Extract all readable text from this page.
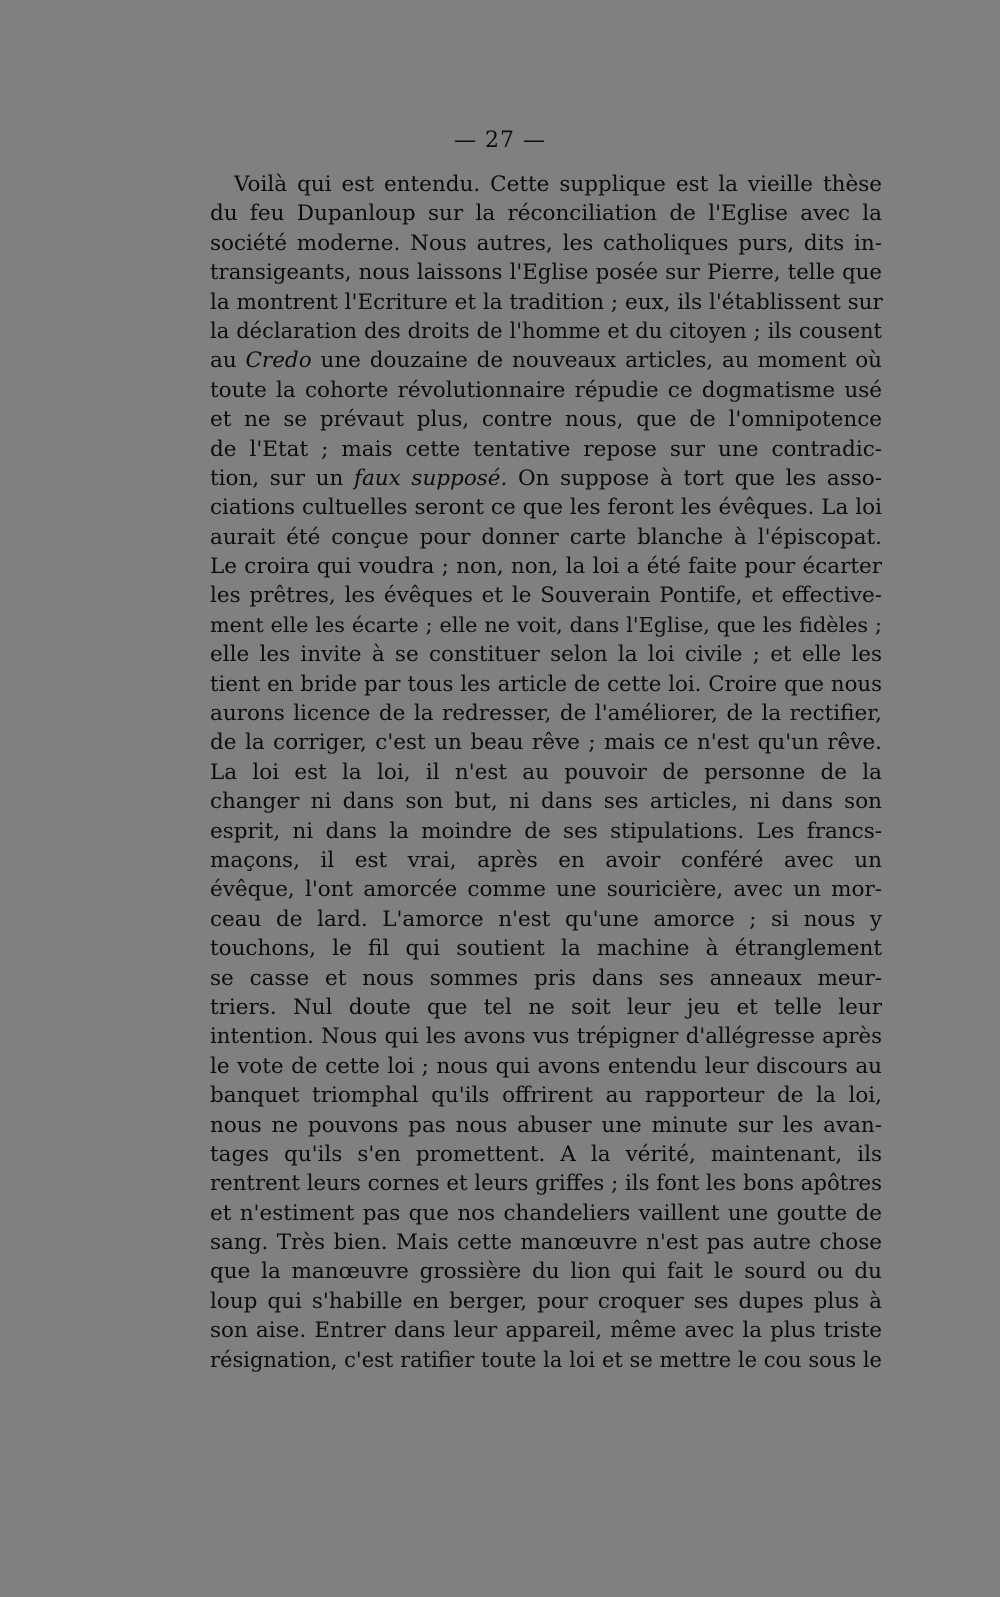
— 27 —
Voilà qui est entendu. Cette supplique est la vieille thèse
du feu Dupanloup sur la réconciliation de l'Eglise avec la
société moderne. Nous autres, les catholiques purs, dits in-
transigeants, nous laissons l'Eglise posée sur Pierre, telle que
la montrent l'Ecriture et la tradition ; eux, ils l'établissent sur
la déclaration des droits de l'homme et du citoyen ; ils cousent
au Credo une douzaine de nouveaux articles, au moment où
toute la cohorte révolutionnaire répudie ce dogmatisme usé
et ne se prévaut plus, contre nous, que de l'omnipotence
de l'Etat ; mais cette tentative repose sur une contradic-
tion, sur un faux supposé. On suppose à tort que les asso-
ciations cultuelles seront ce que les feront les évêques. La loi
aurait été conçue pour donner carte blanche à l'épiscopat.
Le croira qui voudra ; non, non, la loi a été faite pour écarter
les prêtres, les évêques et le Souverain Pontife, et effective-
ment elle les écarte ; elle ne voit, dans l'Eglise, que les fidèles ;
elle les invite à se constituer selon la loi civile ; et elle les
tient en bride par tous les article de cette loi. Croire que nous
aurons licence de la redresser, de l'améliorer, de la rectifier,
de la corriger, c'est un beau rêve ; mais ce n'est qu'un rêve.
La loi est la loi, il n'est au pouvoir de personne de la
changer ni dans son but, ni dans ses articles, ni dans son
esprit, ni dans la moindre de ses stipulations. Les francs-
maçons, il est vrai, après en avoir conféré avec un
évêque, l'ont amorcée comme une souricière, avec un mor-
ceau de lard. L'amorce n'est qu'une amorce ; si nous y
touchons, le fil qui soutient la machine à étranglement
se casse et nous sommes pris dans ses anneaux meur-
triers. Nul doute que tel ne soit leur jeu et telle leur
intention. Nous qui les avons vus trépigner d'allégresse après
le vote de cette loi ; nous qui avons entendu leur discours au
banquet triomphal qu'ils offrirent au rapporteur de la loi,
nous ne pouvons pas nous abuser une minute sur les avan-
tages qu'ils s'en promettent. A la vérité, maintenant, ils
rentrent leurs cornes et leurs griffes ; ils font les bons apôtres
et n'estiment pas que nos chandeliers vaillent une goutte de
sang. Très bien. Mais cette manœuvre n'est pas autre chose
que la manœuvre grossière du lion qui fait le sourd ou du
loup qui s'habille en berger, pour croquer ses dupes plus à
son aise. Entrer dans leur appareil, même avec la plus triste
résignation, c'est ratifier toute la loi et se mettre le cou sous le
